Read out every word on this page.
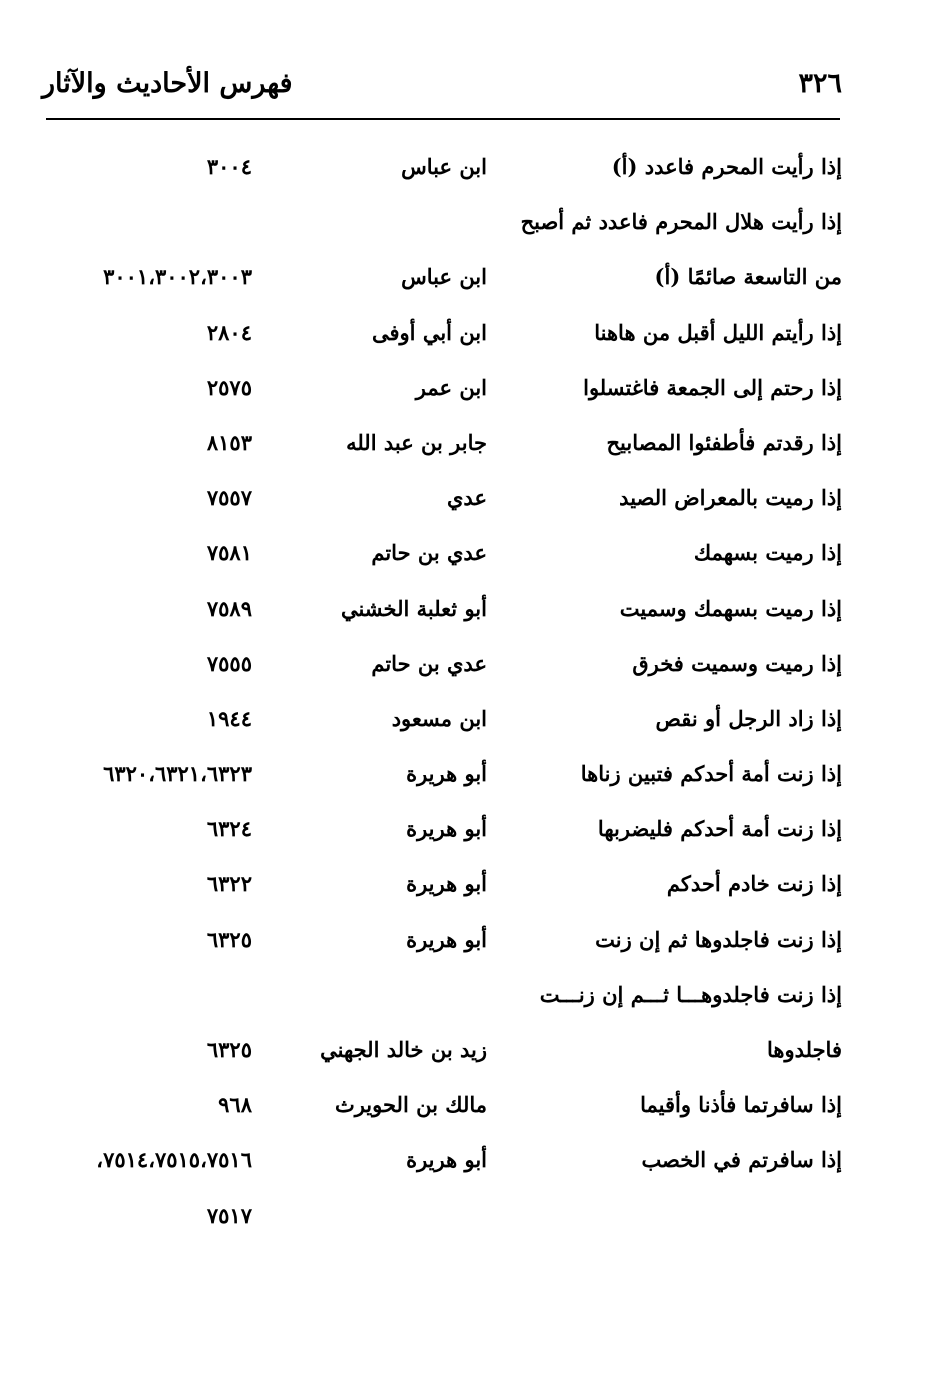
٣٢٦
فهرس الأحاديث والآثار
إذا رأيت المحرم فاعدد (أ)
ابن عباس
٣٠٠٤
إذا رأيت هلال المحرم فاعدد ثم أصبح
من التاسعة صائمًا (أ)
ابن عباس
٣٠٠١،٣٠٠٢،٣٠٠٣
إذا رأيتم الليل أقبل من هاهنا
ابن أبي أوفى
٢٨٠٤
إذا رحتم إلى الجمعة فاغتسلوا
ابن عمر
٢٥٧٥
إذا رقدتم فأطفئوا المصابيح
جابر بن عبد الله
٨١٥٣
إذا رميت بالمعراض الصيد
عدي
٧٥٥٧
إذا رميت بسهمك
عدي بن حاتم
٧٥٨١
إذا رميت بسهمك وسميت
أبو ثعلبة الخشني
٧٥٨٩
إذا رميت وسميت فخرق
عدي بن حاتم
٧٥٥٥
إذا زاد الرجل أو نقص
ابن مسعود
١٩٤٤
إذا زنت أمة أحدكم فتبين زناها
أبو هريرة
٦٣٢٠،٦٣٢١،٦٣٢٣
إذا زنت أمة أحدكم فليضربها
أبو هريرة
٦٣٢٤
إذا زنت خادم أحدكم
أبو هريرة
٦٣٢٢
إذا زنت فاجلدوها ثم إن زنت
أبو هريرة
٦٣٢٥
إذا زنت فاجلدوهـــا ثـــم إن زنـــت
فاجلدوها
زيد بن خالد الجهني
٦٣٢٥
إذا سافرتما فأذنا وأقيما
مالك بن الحويرث
٩٦٨
إذا سافرتم في الخصب
أبو هريرة
٧٥١٤،٧٥١٥،٧٥١٦،
٧٥١٧
